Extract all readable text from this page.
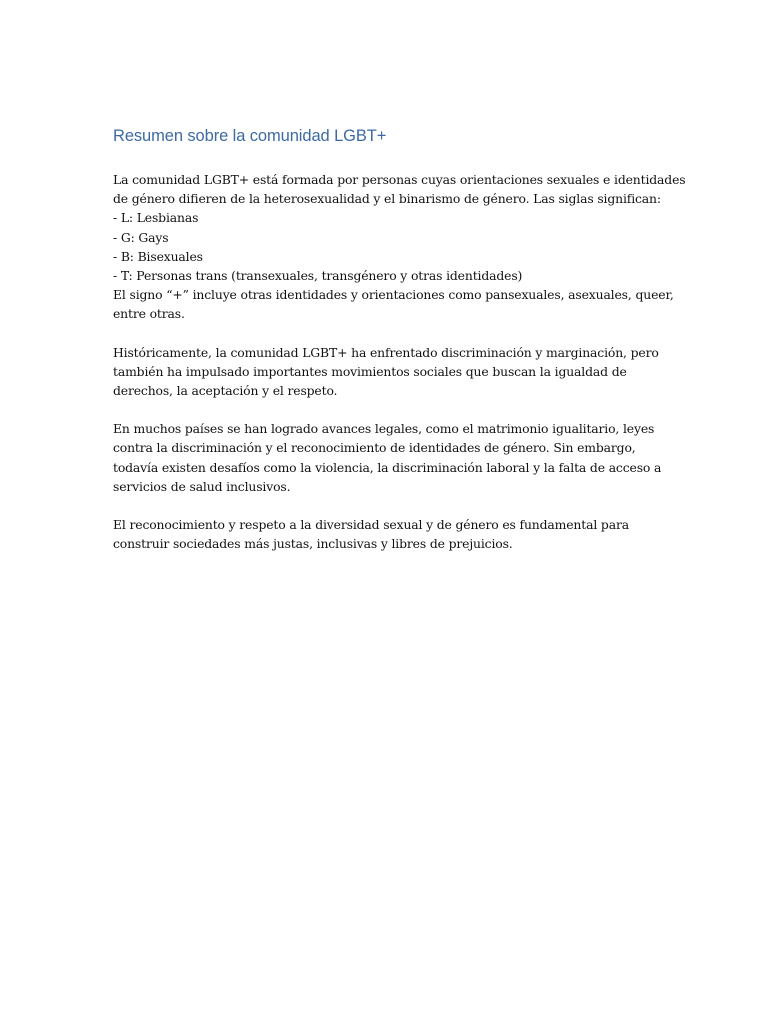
Resumen sobre la comunidad LGBT+

La comunidad LGBT+ está formada por personas cuyas orientaciones sexuales e identidades
de género difieren de la heterosexualidad y el binarismo de género. Las siglas significan:
- L: Lesbianas
- G: Gays
- B: Bisexuales
- T: Personas trans (transexuales, transgénero y otras identidades)
El signo “+” incluye otras identidades y orientaciones como pansexuales, asexuales, queer,
entre otras.

Históricamente, la comunidad LGBT+ ha enfrentado discriminación y marginación, pero
también ha impulsado importantes movimientos sociales que buscan la igualdad de
derechos, la aceptación y el respeto.

En muchos países se han logrado avances legales, como el matrimonio igualitario, leyes
contra la discriminación y el reconocimiento de identidades de género. Sin embargo,
todavía existen desafíos como la violencia, la discriminación laboral y la falta de acceso a
servicios de salud inclusivos.

El reconocimiento y respeto a la diversidad sexual y de género es fundamental para
construir sociedades más justas, inclusivas y libres de prejuicios.
